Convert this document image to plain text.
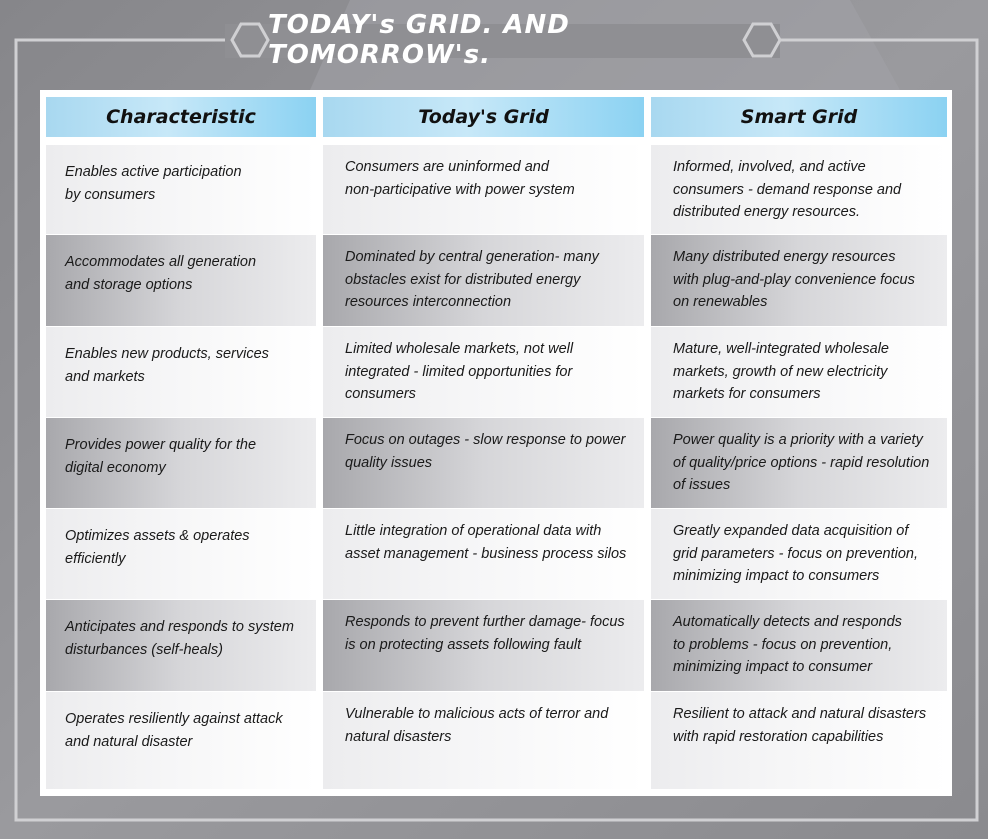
TODAY's GRID. AND TOMORROW's.
Characteristic	Today's Grid	Smart Grid
Enables active participation
by consumers
Consumers are uninformed and
non-participative with power system
Informed, involved, and active
consumers - demand response and
distributed energy resources.
Accommodates all generation
and storage options
Dominated by central generation- many
obstacles exist for distributed energy
resources interconnection
Many distributed energy resources
with plug-and-play convenience focus
on renewables
Enables new products, services
and markets
Limited wholesale markets, not well
integrated - limited opportunities for
consumers
Mature, well-integrated wholesale
markets, growth of new electricity
markets for consumers
Provides power quality for the
digital economy
Focus on outages - slow response to power
quality issues
Power quality is a priority with a variety
of quality/price options - rapid resolution
of issues
Optimizes assets & operates
efficiently
Little integration of operational data with
asset management - business process silos
Greatly expanded data acquisition of
grid parameters - focus on prevention,
minimizing impact to consumers
Anticipates and responds to system
disturbances (self-heals)
Responds to prevent further damage- focus
is on protecting assets following fault
Automatically detects and responds
to problems - focus on prevention,
minimizing impact to consumer
Operates resiliently against attack
and natural disaster
Vulnerable to malicious acts of terror and
natural disasters
Resilient to attack and natural disasters
with rapid restoration capabilities
